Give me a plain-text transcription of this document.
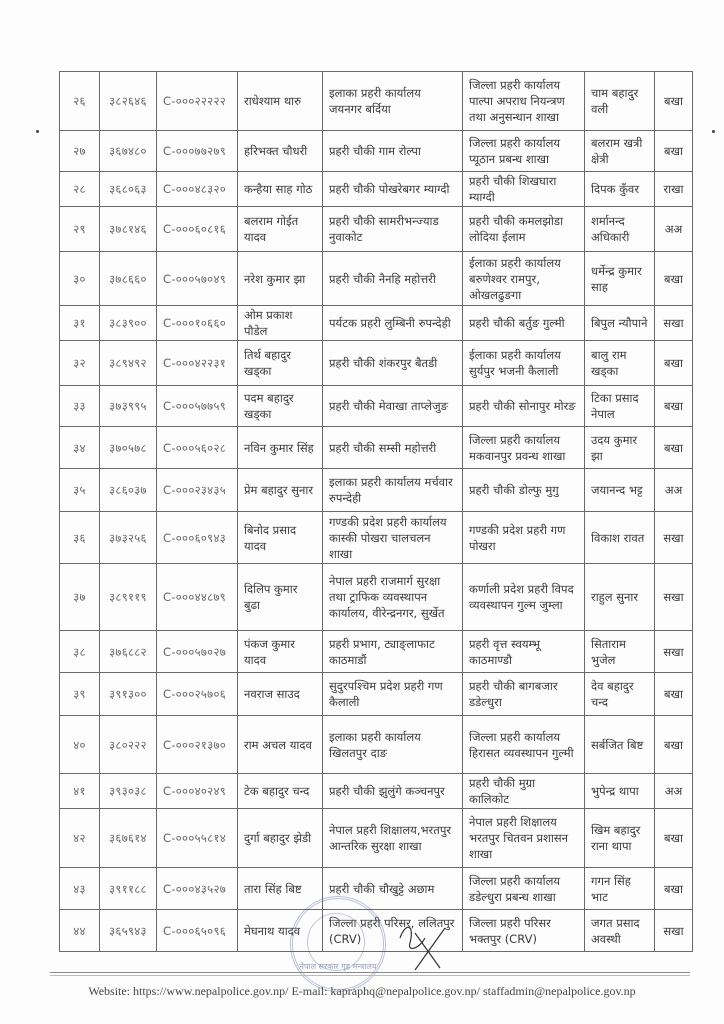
२६	३८२६४६	C-०००२२२२२	राधेश्याम थारु	इलाका प्रहरी कार्यालय जयनगर बर्दिया	जिल्ला प्रहरी कार्यालय पाल्पा अपराध नियन्त्रण तथा अनुसन्धान शाखा	चाम बहादुर वली	बखा
२७	३६७४८०	C-०००७७२७९	हरिभक्त चौधरी	प्रहरी चौकी गाम रोल्पा	जिल्ला प्रहरी कार्यालय प्यूठान प्रबन्ध शाखा	बलराम खत्री क्षेत्री	बखा
२८	३६८०६३	C-०००४८३२०	कन्हैया साह गोठ	प्रहरी चौकी पोखरेबगर म्याग्दी	प्रहरी चौकी शिखघारा म्याग्दी	दिपक कुँवर	राखा
२९	३७८१४६	C-०००६०८१६	बलराम गोईत यादव	प्रहरी चौकी सामरीभन्ज्याड नुवाकोट	प्रहरी चौकी कमलझोडा लोदिया ईलाम	शर्मानन्द अधिकारी	अअ
३०	३७८६६०	C-०००५७०४९	नरेश कुमार झा	प्रहरी चौकी नैनहि महोत्तरी	ईलाका प्रहरी कार्यालय बरुणेश्वर रामपुर, ओखलढुङगा	धर्मेन्द्र कुमार साह	बखा
३१	३८३९००	C-०००१०६६०	ओम प्रकाश पौडेल	पर्यटक प्रहरी लुम्बिनी रुपन्देही	प्रहरी चौकी बर्तुङ गुल्मी	बिपुल न्यौपाने	सखा
३२	३८९४९२	C-०००४२२३१	तिर्थ बहादुर खड्का	प्रहरी चौकी शंकरपुर बैतडी	ईलाका प्रहरी कार्यालय सुर्यपुर भजनी कैलाली	बालु राम खड्का	बखा
३३	३७३९९५	C-०००५७७५९	पदम बहादुर खड्का	प्रहरी चौकी मेवाखा ताप्लेजुङ	प्रहरी चौकी सोनापुर मोरङ	टिका प्रसाद नेपाल	बखा
३४	३७०५७८	C-०००५६०२८	नविन कुमार सिंह	प्रहरी चौकी सम्सी महोत्तरी	जिल्ला प्रहरी कार्यालय मकवानपुर प्रवन्ध शाखा	उदय कुमार झा	बखा
३५	३८६०३७	C-०००२३४३५	प्रेम बहादुर सुनार	इलाका प्रहरी कार्यालय मर्चवार रुपन्देही	प्रहरी चौकी डोल्फु मुगु	जयानन्द भट्ट	अअ
३६	३७३२५६	C-०००६०९४३	बिनोद प्रसाद यादव	गण्डकी प्रदेश प्रहरी कार्यालय कास्की पोखरा चालचलन शाखा	गण्डकी प्रदेश प्रहरी गण पोखरा	विकाश रावत	सखा
३७	३८९११९	C-०००४४८७९	दिलिप कुमार बुढा	नेपाल प्रहरी राजमार्ग सुरक्षा तथा ट्राफिक व्यवस्थापन कार्यालय, वीरेन्द्रनगर, सुर्खेत	कर्णाली प्रदेश प्रहरी विपद व्यवस्थापन गुल्म जुम्ला	राहुल सुनार	सखा
३८	३७६८८२	C-०००५७०२७	पंकज कुमार यादव	प्रहरी प्रभाग, ट्याङ्लाफाट काठमाडौं	प्रहरी वृत्त स्वयम्भू काठमाण्डौ	सिताराम भुजेल	सखा
३९	३९१३००	C-०००२५७०६	नवराज साउद	सुदुरपश्चिम प्रदेश प्रहरी गण कैलाली	प्रहरी चौकी बागबजार डडेल्धुरा	देव बहादुर चन्द	बखा
४०	३८०२२२	C-०००२१३७०	राम अचल यादव	इलाका प्रहरी कार्यालय खिलतपुर दाङ	जिल्ला प्रहरी कार्यालय हिरासत व्यवस्थापन गुल्मी	सर्बजित बिष्ट	बखा
४१	३९३०३८	C-०००४०२४९	टेक बहादुर चन्द	प्रहरी चौकी झुलुंगे कञ्चनपुर	प्रहरी चौकी मुग्रा कालिकोट	भुपेन्द्र थापा	अअ
४२	३६७६१४	C-०००५५८१४	दुर्गा बहादुर झेडी	नेपाल प्रहरी शिक्षालय,भरतपुर आन्तरिक सुरक्षा शाखा	नेपाल प्रहरी शिक्षालय भरतपुर चितवन प्रशासन शाखा	खिम बहादुर राना थापा	बखा
४३	३९११८८	C-०००४३५२७	तारा सिंह बिष्ट	प्रहरी चौकी चौखुट्टे अछाम	जिल्ला प्रहरी कार्यालय डडेल्धुरा प्रबन्ध शाखा	गगन सिंह भाट	बखा
४४	३६५९४३	C-०००६५०९६	मेघनाथ यादव	जिल्ला प्रहरी परिसर, ललितपुर (CRV)	जिल्ला प्रहरी परिसर भक्तपुर (CRV)	जगत प्रसाद अवस्थी	सखा
नेपाल सरकार गृह मन्त्रालय
Website: https://www.nepalpolice.gov.np/ E-mail: kapraphq@nepalpolice.gov.np/ staffadmin@nepalpolice.gov.np
